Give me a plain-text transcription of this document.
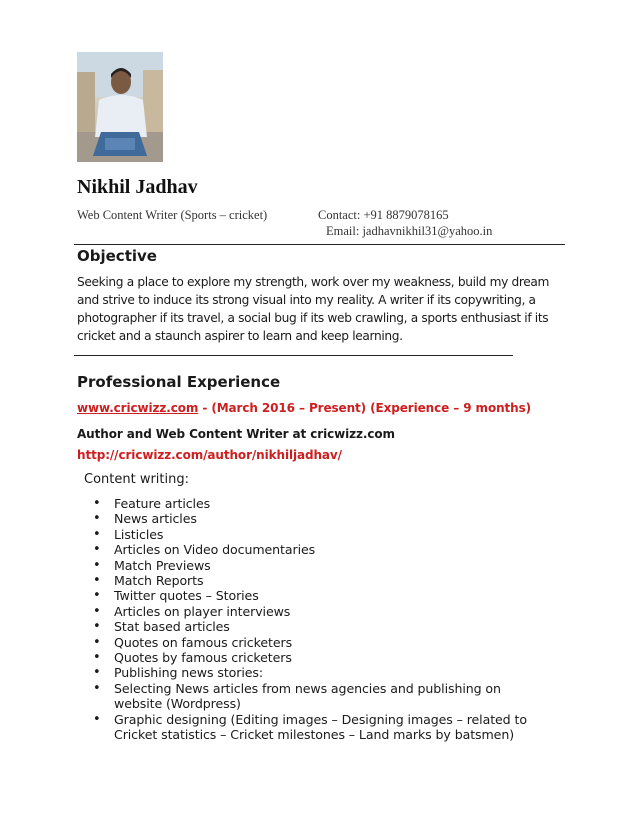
Nikhil Jadhav
Web Content Writer (Sports – cricket)	Contact: +91 8879078165
Email: jadhavnikhil31@yahoo.in
Objective
Seeking a place to explore my strength, work over my weakness, build my dream and strive to induce its strong visual into my reality. A writer if its copywriting, a photographer if its travel, a social bug if its web crawling, a sports enthusiast if its cricket and a staunch aspirer to learn and keep learning.
Professional Experience
www.cricwizz.com - (March 2016 – Present) (Experience – 9 months)
Author and Web Content Writer at cricwizz.com
http://cricwizz.com/author/nikhiljadhav/
Content writing:
• Feature articles
• News articles
• Listicles
• Articles on Video documentaries
• Match Previews
• Match Reports
• Twitter quotes – Stories
• Articles on player interviews
• Stat based articles
• Quotes on famous cricketers
• Quotes by famous cricketers
• Publishing news stories:
• Selecting News articles from news agencies and publishing on website (Wordpress)
• Graphic designing (Editing images – Designing images – related to Cricket statistics – Cricket milestones – Land marks by batsmen)
